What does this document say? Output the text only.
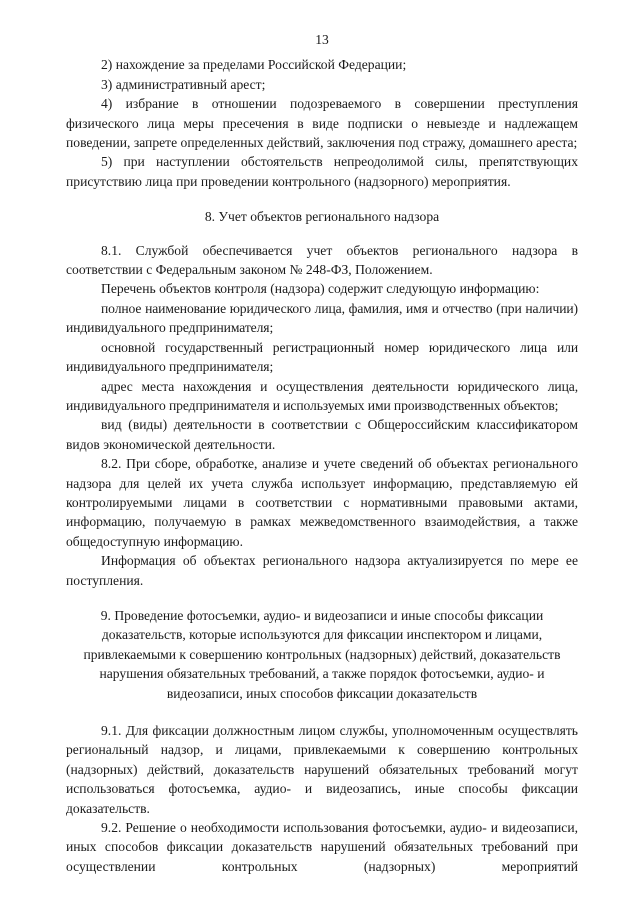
13

2) нахождение за пределами Российской Федерации;

3) административный арест;

4) избрание в отношении подозреваемого в совершении преступления физического лица меры пресечения в виде подписки о невыезде и надлежащем поведении, запрете определенных действий, заключения под стражу, домашнего ареста;

5) при наступлении обстоятельств непреодолимой силы, препятствующих присутствию лица при проведении контрольного (надзорного) мероприятия.

8. Учет объектов регионального надзора

8.1. Службой обеспечивается учет объектов регионального надзора в соответствии с Федеральным законом № 248-ФЗ, Положением.

Перечень объектов контроля (надзора) содержит следующую информацию:

полное наименование юридического лица, фамилия, имя и отчество (при наличии) индивидуального предпринимателя;

основной государственный регистрационный номер юридического лица или индивидуального предпринимателя;

адрес места нахождения и осуществления деятельности юридического лица, индивидуального предпринимателя и используемых ими производственных объектов;

вид (виды) деятельности в соответствии с Общероссийским классификатором видов экономической деятельности.

8.2. При сборе, обработке, анализе и учете сведений об объектах регионального надзора для целей их учета служба использует информацию, представляемую ей контролируемыми лицами в соответствии с нормативными правовыми актами, информацию, получаемую в рамках межведомственного взаимодействия, а также общедоступную информацию.

Информация об объектах регионального надзора актуализируется по мере ее поступления.

9. Проведение фотосъемки, аудио- и видеозаписи и иные способы фиксации доказательств, которые используются для фиксации инспектором и лицами, привлекаемыми к совершению контрольных (надзорных) действий, доказательств нарушения обязательных требований, а также порядок фотосъемки, аудио- и видеозаписи, иных способов фиксации доказательств

9.1. Для фиксации должностным лицом службы, уполномоченным осуществлять региональный надзор, и лицами, привлекаемыми к совершению контрольных (надзорных) действий, доказательств нарушений обязательных требований могут использоваться фотосъемка, аудио- и видеозапись, иные способы фиксации доказательств.

9.2. Решение о необходимости использования фотосъемки, аудио- и видеозаписи, иных способов фиксации доказательств нарушений обязательных требований при осуществлении контрольных (надзорных) мероприятий
